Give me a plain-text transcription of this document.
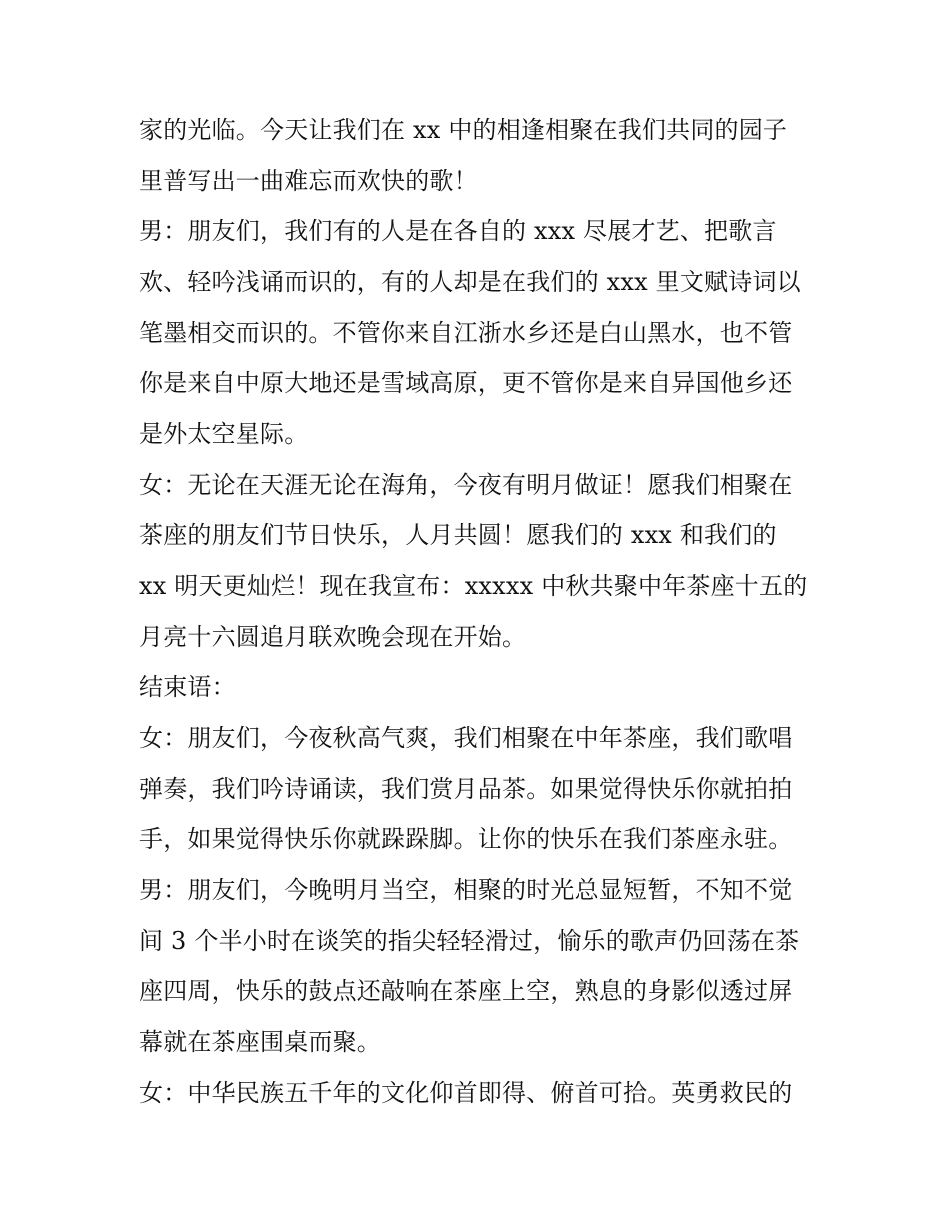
家的光临。今天让我们在 xx 中的相逢相聚在我们共同的园子
里普写出一曲难忘而欢快的歌！
男：朋友们，我们有的人是在各自的 xxx 尽展才艺、把歌言
欢、轻吟浅诵而识的，有的人却是在我们的 xxx 里文赋诗词以
笔墨相交而识的。不管你来自江浙水乡还是白山黑水，也不管
你是来自中原大地还是雪域高原，更不管你是来自异国他乡还
是外太空星际。
女：无论在天涯无论在海角，今夜有明月做证！愿我们相聚在
茶座的朋友们节日快乐，人月共圆！愿我们的 xxx 和我们的
xx 明天更灿烂！现在我宣布：xxxxx 中秋共聚中年茶座十五的
月亮十六圆追月联欢晚会现在开始。
结束语：
女：朋友们，今夜秋高气爽，我们相聚在中年茶座，我们歌唱
弹奏，我们吟诗诵读，我们赏月品茶。如果觉得快乐你就拍拍
手，如果觉得快乐你就跺跺脚。让你的快乐在我们茶座永驻。
男：朋友们，今晚明月当空，相聚的时光总显短暂，不知不觉
间 3 个半小时在谈笑的指尖轻轻滑过，愉乐的歌声仍回荡在茶
座四周，快乐的鼓点还敲响在茶座上空，熟息的身影似透过屏
幕就在茶座围桌而聚。
女：中华民族五千年的文化仰首即得、俯首可拾。英勇救民的
